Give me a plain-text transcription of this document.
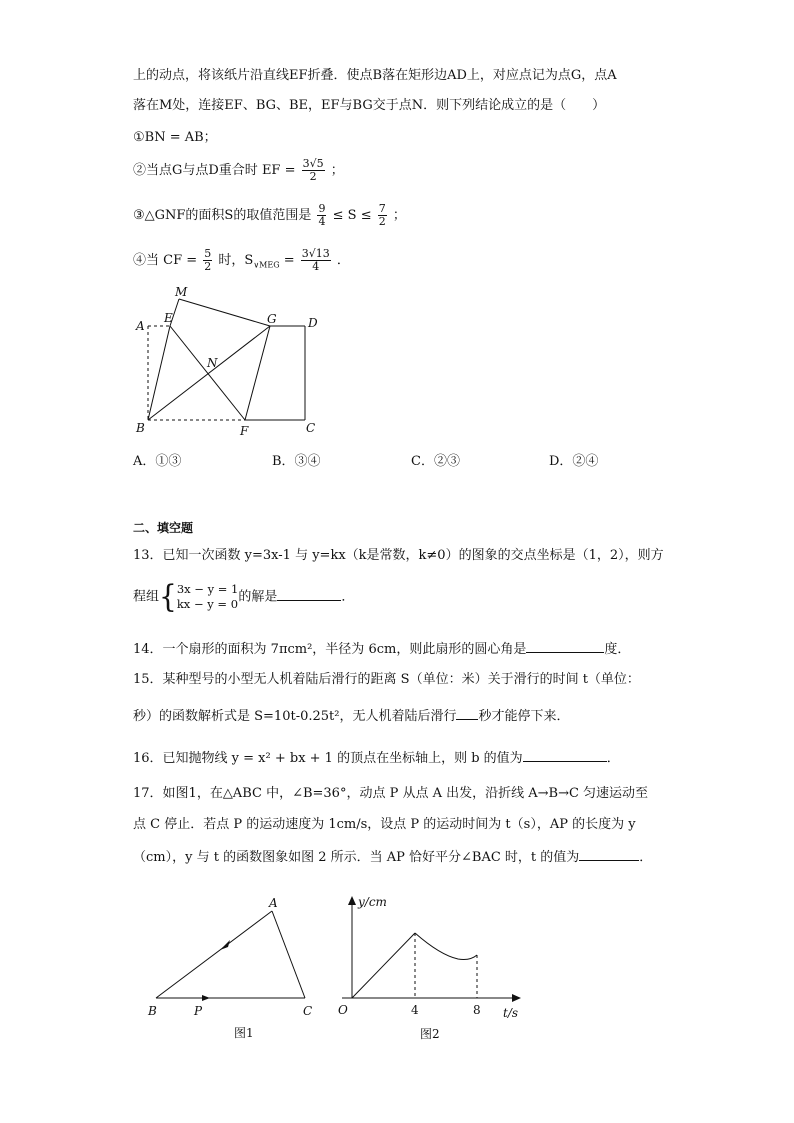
上的动点，将该纸片沿直线EF折叠．使点B落在矩形边AD上，对应点记为点G，点A
落在M处，连接EF、BG、BE，EF与BG交于点N．则下列结论成立的是（　　）
①BN = AB；
②当点G与点D重合时 EF = $\frac{3√5}{2}$ ；
③△GNF的面积S的取值范围是 $\frac{9}{4} \le S \le \frac{7}{2}$ ；
④当 CF = $\frac{5}{2}$ 时，$S_{\vee MEG} = \frac{3√13}{4}$ ．
M
A
E	G	D
N
B	F	C
A．①③	B．③④	C．②③	D．②④
二、填空题
13．已知一次函数 y=3x-1 与 y=kx（k是常数，k≠0）的图象的交点坐标是（1，2），则方
程组{ 3x − y = 1
kx − y = 0 的解是	．
14．一个扇形的面积为 7πcm²，半径为 6cm，则此扇形的圆心角是	度．
15．某种型号的小型无人机着陆后滑行的距离 S（单位：米）关于滑行的时间 t（单位：
秒）的函数解析式是 S=10t-0.25t²，无人机着陆后滑行 秒才能停下来．
16．已知抛物线 y = x² + bx + 1 的顶点在坐标轴上，则 b 的值为	．
17．如图1，在△ABC 中，∠B=36°，动点 P 从点 A 出发，沿折线 A→B→C 匀速运动至
点 C 停止．若点 P 的运动速度为 1cm/s，设点 P 的运动时间为 t（s），AP 的长度为 y
（cm），y 与 t 的函数图象如图 2 所示．当 AP 恰好平分∠BAC 时，t 的值为	．
A
B	C
P
图1
y/cm
t/s
O	4	8
图2
